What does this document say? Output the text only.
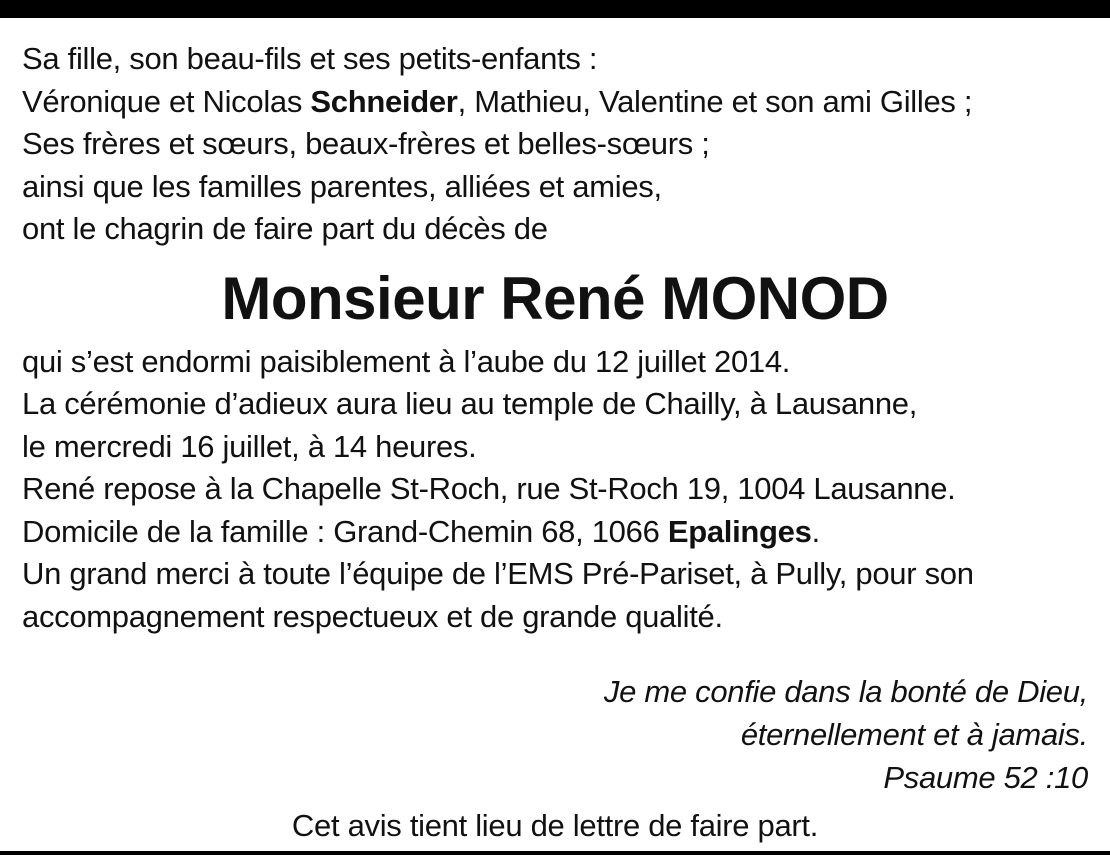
Sa fille, son beau-fils et ses petits-enfants :
Véronique et Nicolas Schneider, Mathieu, Valentine et son ami Gilles ;
Ses frères et sœurs, beaux-frères et belles-sœurs ;
ainsi que les familles parentes, alliées et amies,
ont le chagrin de faire part du décès de
Monsieur René MONOD
qui s’est endormi paisiblement à l’aube du 12 juillet 2014.
La cérémonie d’adieux aura lieu au temple de Chailly, à Lausanne,
le mercredi 16 juillet, à 14 heures.
René repose à la Chapelle St-Roch, rue St-Roch 19, 1004 Lausanne.
Domicile de la famille : Grand-Chemin 68, 1066 Epalinges.
Un grand merci à toute l’équipe de l’EMS Pré-Pariset, à Pully, pour son
accompagnement respectueux et de grande qualité.
Je me confie dans la bonté de Dieu,
éternellement et à jamais.
Psaume 52 :10
Cet avis tient lieu de lettre de faire part.
